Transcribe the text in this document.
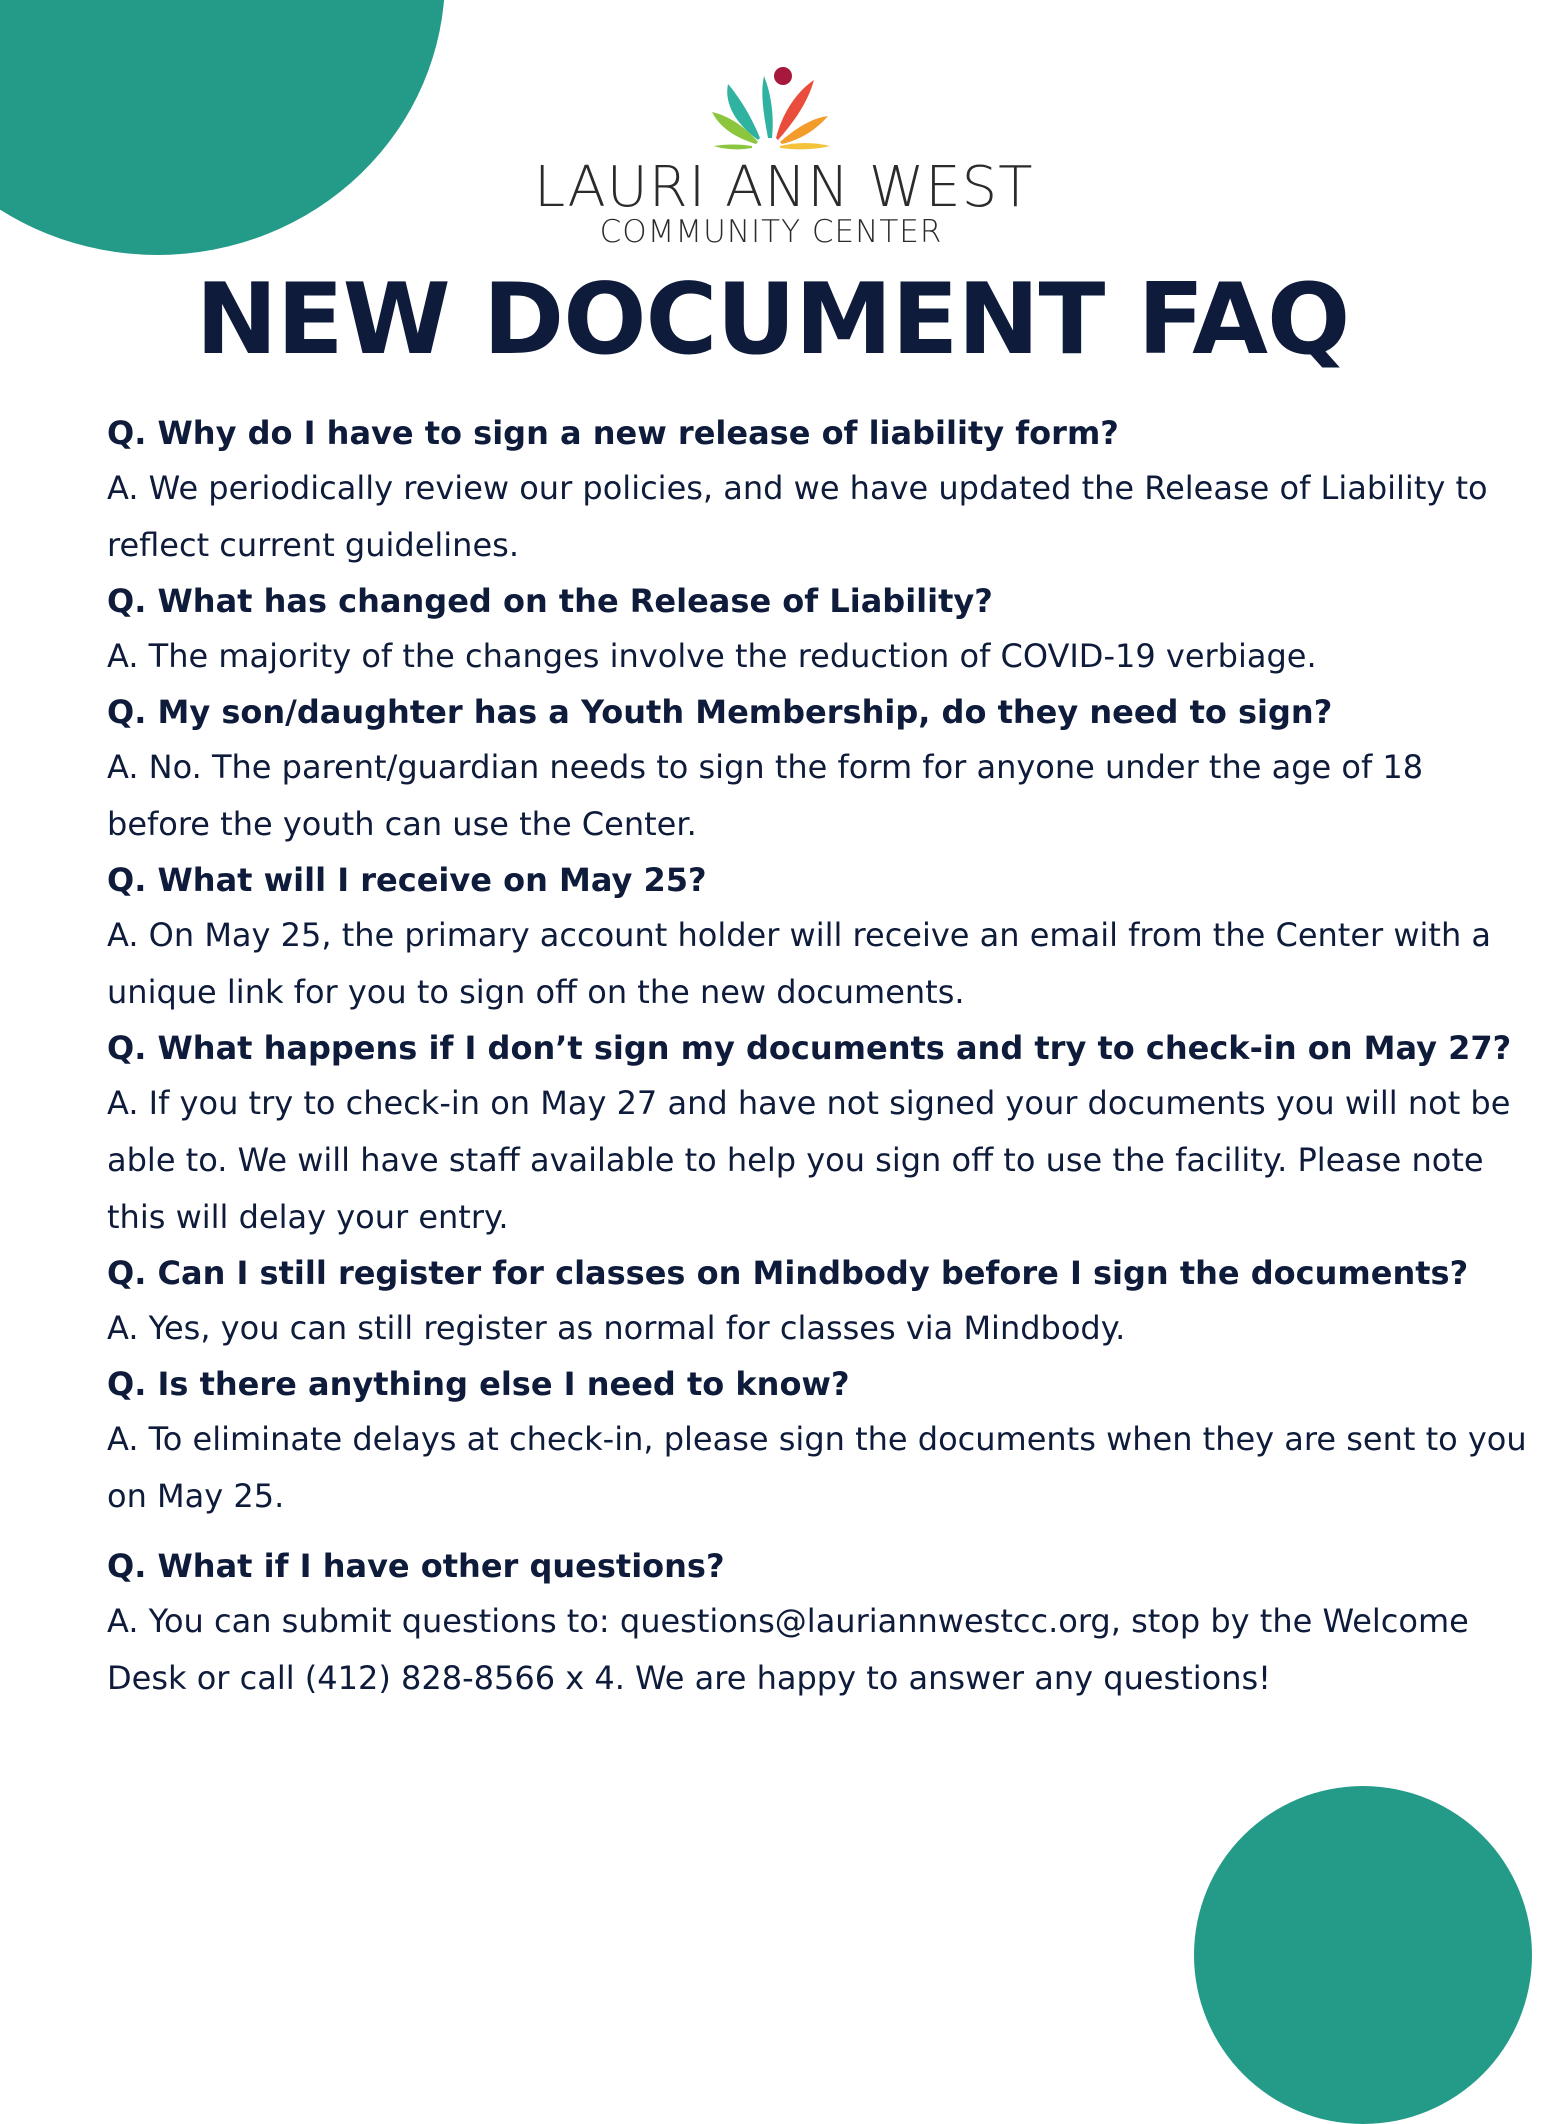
LAURI ANN WEST
COMMUNITY CENTER
NEW DOCUMENT FAQ

Q. Why do I have to sign a new release of liability form?

A. We periodically review our policies, and we have updated the Release of Liability to reflect current guidelines.

Q. What has changed on the Release of Liability?

A. The majority of the changes involve the reduction of COVID-19 verbiage.

Q. My son/daughter has a Youth Membership, do they need to sign?

A. No. The parent/guardian needs to sign the form for anyone under the age of 18 before the youth can use the Center.

Q. What will I receive on May 25?

A. On May 25, the primary account holder will receive an email from the Center with a unique link for you to sign off on the new documents.

Q. What happens if I don’t sign my documents and try to check-in on May 27?

A. If you try to check-in on May 27 and have not signed your documents you will not be able to. We will have staff available to help you sign off to use the facility. Please note this will delay your entry.

Q. Can I still register for classes on Mindbody before I sign the documents?

A. Yes, you can still register as normal for classes via Mindbody.

Q. Is there anything else I need to know?

A. To eliminate delays at check-in, please sign the documents when they are sent to you on May 25.

Q. What if I have other questions?

A. You can submit questions to: questions@lauriannwestcc.org, stop by the Welcome Desk or call (412) 828-8566 x 4. We are happy to answer any questions!
